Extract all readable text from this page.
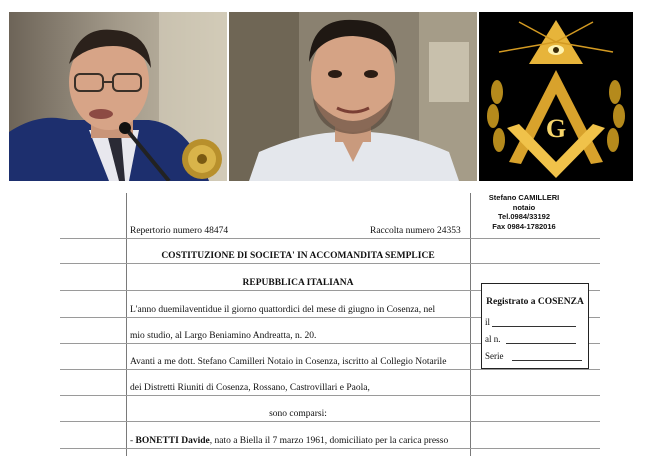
G
Stefano CAMILLERI
notaio
Tel.0984/33192
Fax 0984-1782016
Repertorio numero 48474	Raccolta numero 24353
COSTITUZIONE DI SOCIETA' IN ACCOMANDITA SEMPLICE
REPUBBLICA ITALIANA
L'anno duemilaventidue il giorno quattordici del mese di giugno in Cosenza, nel
mio studio, al Largo Beniamino Andreatta, n. 20.
Avanti a me dott. Stefano Camilleri Notaio in Cosenza, iscritto al Collegio Notarile
dei Distretti Riuniti di Cosenza, Rossano, Castrovillari e Paola,
sono comparsi:
- BONETTI Davide, nato a Biella il 7 marzo 1961, domiciliato per la carica presso
Registrato a COSENZA
il
al n.
Serie
